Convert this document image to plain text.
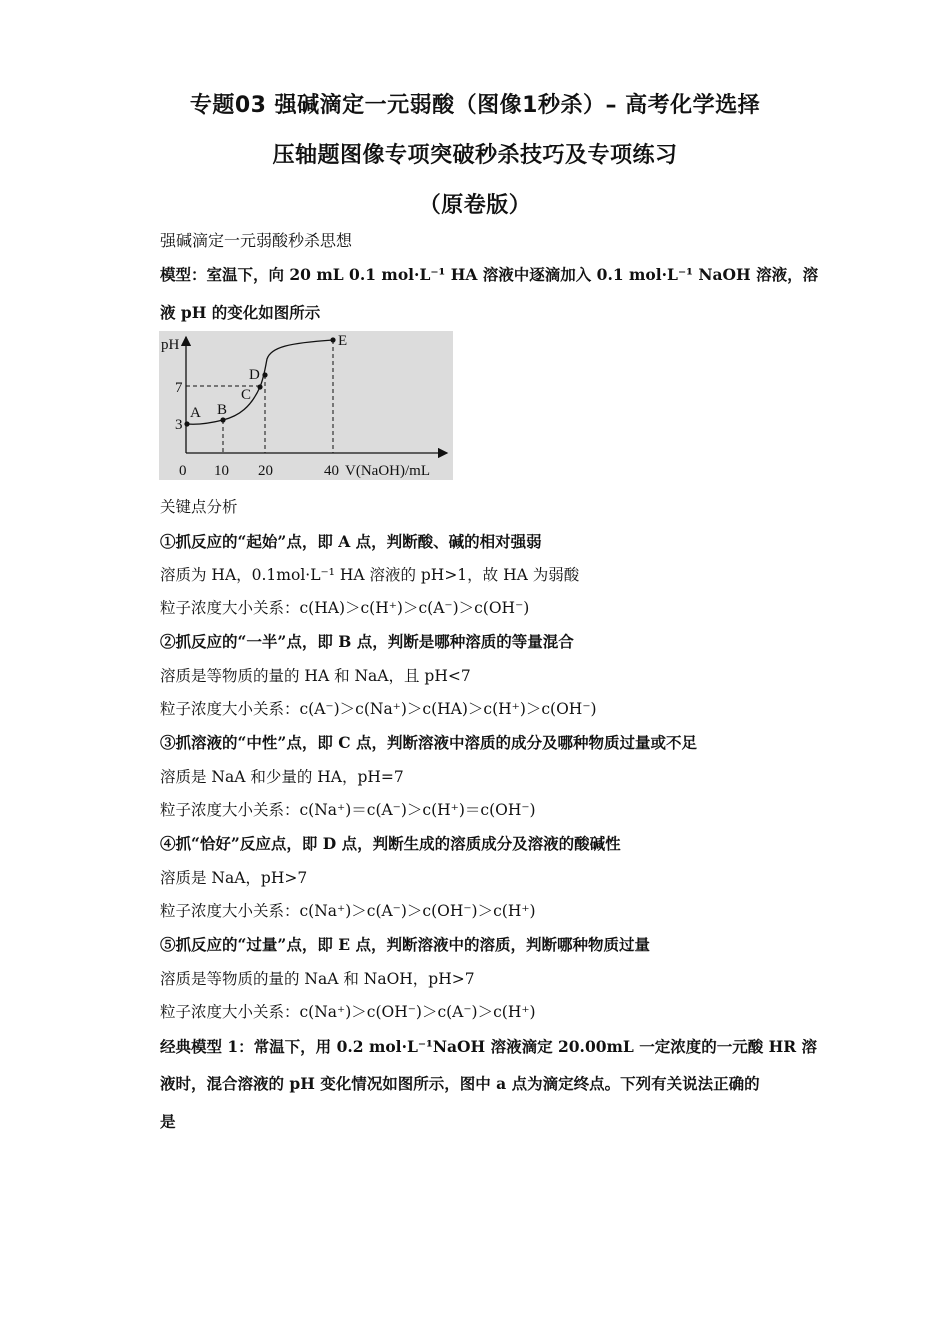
专题03 强碱滴定一元弱酸（图像1秒杀）– 高考化学选择
压轴题图像专项突破秒杀技巧及专项练习
（原卷版）

强碱滴定一元弱酸秒杀思想

模型：室温下，向 20 mL 0.1 mol·L⁻¹ HA 溶液中逐滴加入 0.1 mol·L⁻¹ NaOH 溶液，溶

液 pH 的变化如图所示

pH
V(NaOH)/mL
0 10 20	40
3
7
A B
C
D
E

关键点分析

①抓反应的“起始”点，即 A 点，判断酸、碱的相对强弱

溶质为 HA，0.1mol·L⁻¹ HA 溶液的 pH>1，故 HA 为弱酸

粒子浓度大小关系：c(HA)＞c(H⁺)＞c(A⁻)＞c(OH⁻)

②抓反应的“一半”点，即 B 点，判断是哪种溶质的等量混合

溶质是等物质的量的 HA 和 NaA，且 pH<7

粒子浓度大小关系：c(A⁻)＞c(Na⁺)＞c(HA)＞c(H⁺)＞c(OH⁻)

③抓溶液的“中性”点，即 C 点，判断溶液中溶质的成分及哪种物质过量或不足

溶质是 NaA 和少量的 HA，pH=7

粒子浓度大小关系：c(Na⁺)＝c(A⁻)＞c(H⁺)＝c(OH⁻)

④抓“恰好”反应点，即 D 点，判断生成的溶质成分及溶液的酸碱性

溶质是 NaA，pH>7

粒子浓度大小关系：c(Na⁺)＞c(A⁻)＞c(OH⁻)＞c(H⁺)

⑤抓反应的“过量”点，即 E 点，判断溶液中的溶质，判断哪种物质过量

溶质是等物质的量的 NaA 和 NaOH，pH>7

粒子浓度大小关系：c(Na⁺)＞c(OH⁻)＞c(A⁻)＞c(H⁺)

经典模型 1：常温下，用 0.2 mol·L⁻¹NaOH 溶液滴定 20.00mL 一定浓度的一元酸 HR 溶

液时，混合溶液的 pH 变化情况如图所示，图中 a 点为滴定终点。下列有关说法正确的

是
